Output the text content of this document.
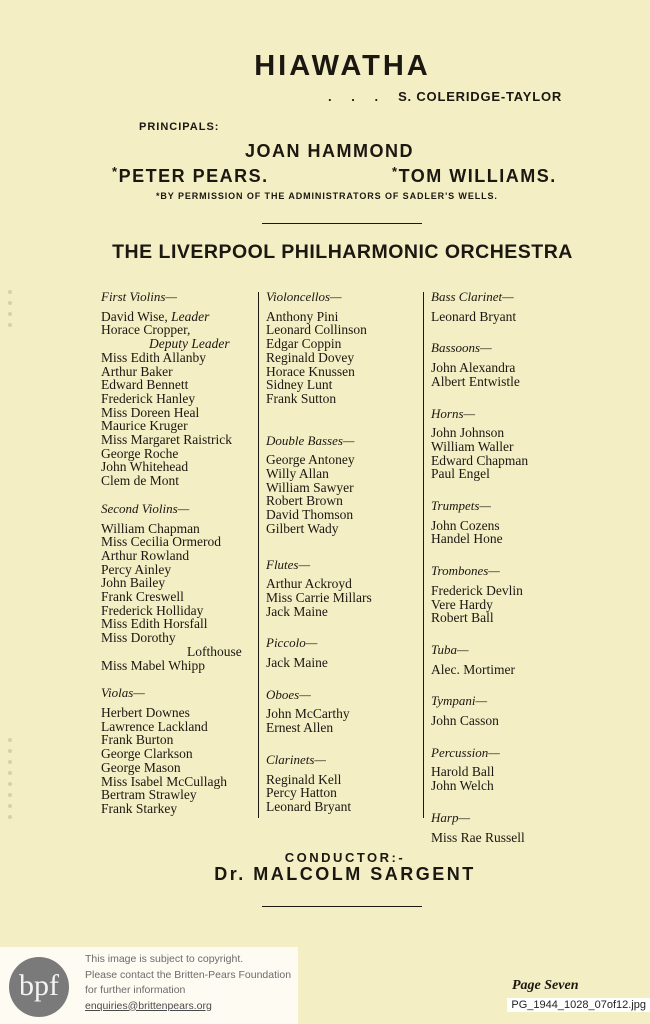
HIAWATHA
. . . S. COLERIDGE-TAYLOR
PRINCIPALS:
JOAN HAMMOND
*PETER PEARS.	*TOM WILLIAMS.
*BY PERMISSION OF THE ADMINISTRATORS OF SADLER'S WELLS.
THE LIVERPOOL PHILHARMONIC ORCHESTRA
First Violins—
David Wise, Leader
Horace Cropper,
Deputy Leader
Miss Edith Allanby
Arthur Baker
Edward Bennett
Frederick Hanley
Miss Doreen Heal
Maurice Kruger
Miss Margaret Raistrick
George Roche
John Whitehead
Clem de Mont
Second Violins—
William Chapman
Miss Cecilia Ormerod
Arthur Rowland
Percy Ainley
John Bailey
Frank Creswell
Frederick Holliday
Miss Edith Horsfall
Miss Dorothy
Lofthouse
Miss Mabel Whipp
Violas—
Herbert Downes
Lawrence Lackland
Frank Burton
George Clarkson
George Mason
Miss Isabel McCullagh
Bertram Strawley
Frank Starkey
Violoncellos—
Anthony Pini
Leonard Collinson
Edgar Coppin
Reginald Dovey
Horace Knussen
Sidney Lunt
Frank Sutton
Double Basses—
George Antoney
Willy Allan
William Sawyer
Robert Brown
David Thomson
Gilbert Wady
Flutes—
Arthur Ackroyd
Miss Carrie Millars
Jack Maine
Piccolo—
Jack Maine
Oboes—
John McCarthy
Ernest Allen
Clarinets—
Reginald Kell
Percy Hatton
Leonard Bryant
Bass Clarinet—
Leonard Bryant
Bassoons—
John Alexandra
Albert Entwistle
Horns—
John Johnson
William Waller
Edward Chapman
Paul Engel
Trumpets—
John Cozens
Handel Hone
Trombones—
Frederick Devlin
Vere Hardy
Robert Ball
Tuba—
Alec. Mortimer
Tympani—
John Casson
Percussion—
Harold Ball
John Welch
Harp—
Miss Rae Russell
CONDUCTOR:-
Dr. MALCOLM SARGENT
Page Seven
bpf
This image is subject to copyright.
Please contact the Britten-Pears Foundation
for further information
enquiries@brittenpears.org	PG_1944_1028_07of12.jpg
